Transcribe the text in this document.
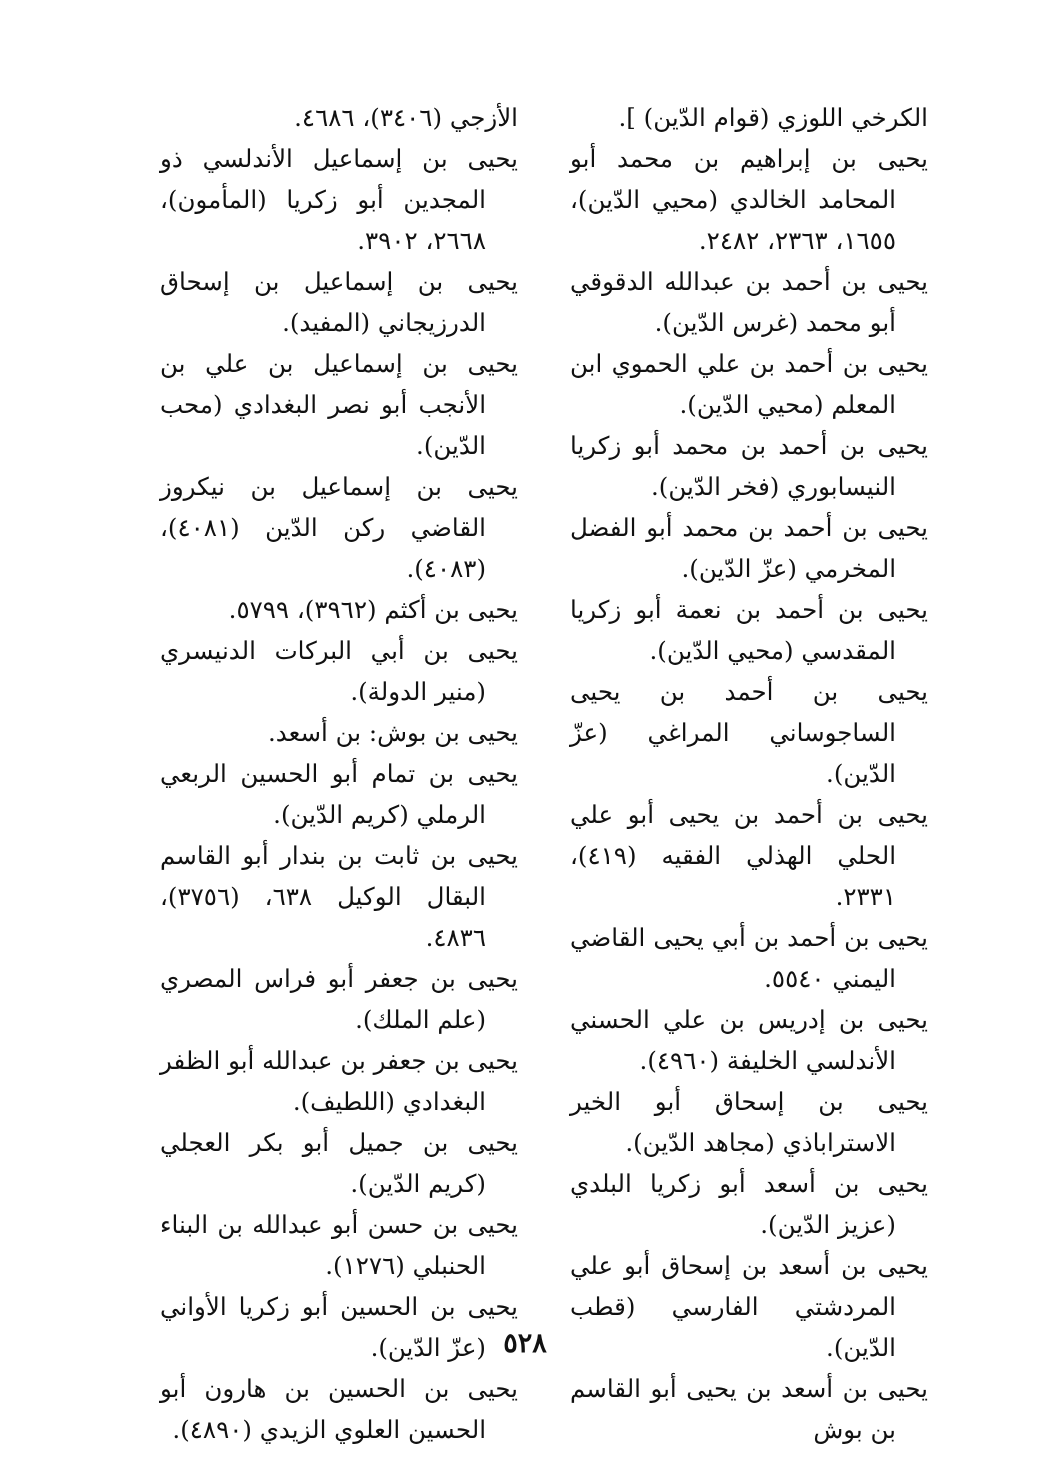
الكرخي اللوزي (قوام الدّين) ].

يحيى بن إبراهيم بن محمد أبو المحامد الخالدي (محيي الدّين)، ١٦٥٥، ٢٣٦٣، ٢٤٨٢.

يحيى بن أحمد بن عبدالله الدقوقي أبو محمد (غرس الدّين).

يحيى بن أحمد بن علي الحموي ابن المعلم (محيي الدّين).

يحيى بن أحمد بن محمد أبو زكريا النيسابوري (فخر الدّين).

يحيى بن أحمد بن محمد أبو الفضل المخرمي (عزّ الدّين).

يحيى بن أحمد بن نعمة أبو زكريا المقدسي (محيي الدّين).

يحيى بن أحمد بن يحيى الساجوساني المراغي (عزّ الدّين).

يحيى بن أحمد بن يحيى أبو علي الحلي الهذلي الفقيه (٤١٩)، ٢٣٣١.

يحيى بن أحمد بن أبي يحيى القاضي اليمني ٥٥٤٠.

يحيى بن إدريس بن علي الحسني الأندلسي الخليفة (٤٩٦٠).

يحيى بن إسحاق أبو الخير الاستراباذي (مجاهد الدّين).

يحيى بن أسعد أبو زكريا البلدي (عزيز الدّين).

يحيى بن أسعد بن إسحاق أبو علي المردشتي الفارسي (قطب الدّين).

يحيى بن أسعد بن يحيى أبو القاسم بن بوش

الأزجي (٣٤٠٦)، ٤٦٨٦.

يحيى بن إسماعيل الأندلسي ذو المجدين أبو زكريا (المأمون)، ٢٦٦٨، ٣٩٠٢.

يحيى بن إسماعيل بن إسحاق الدرزيجاني (المفيد).

يحيى بن إسماعيل بن علي بن الأنجب أبو نصر البغدادي (محب الدّين).

يحيى بن إسماعيل بن نيكروز القاضي ركن الدّين (٤٠٨١)، (٤٠٨٣).

يحيى بن أكثم (٣٩٦٢)، ٥٧٩٩.

يحيى بن أبي البركات الدنيسري (منير الدولة).

يحيى بن بوش: بن أسعد.

يحيى بن تمام أبو الحسين الربعي الرملي (كريم الدّين).

يحيى بن ثابت بن بندار أبو القاسم البقال الوكيل ٦٣٨، (٣٧٥٦)، ٤٨٣٦.

يحيى بن جعفر أبو فراس المصري (علم الملك).

يحيى بن جعفر بن عبدالله أبو الظفر البغدادي (اللطيف).

يحيى بن جميل أبو بكر العجلي (كريم الدّين).

يحيى بن حسن أبو عبدالله بن البناء الحنبلي (١٢٧٦).

يحيى بن الحسين أبو زكريا الأواني (عزّ الدّين).

يحيى بن الحسين بن هارون أبو الحسين العلوي الزيدي (٤٨٩٠).

٥٢٨
